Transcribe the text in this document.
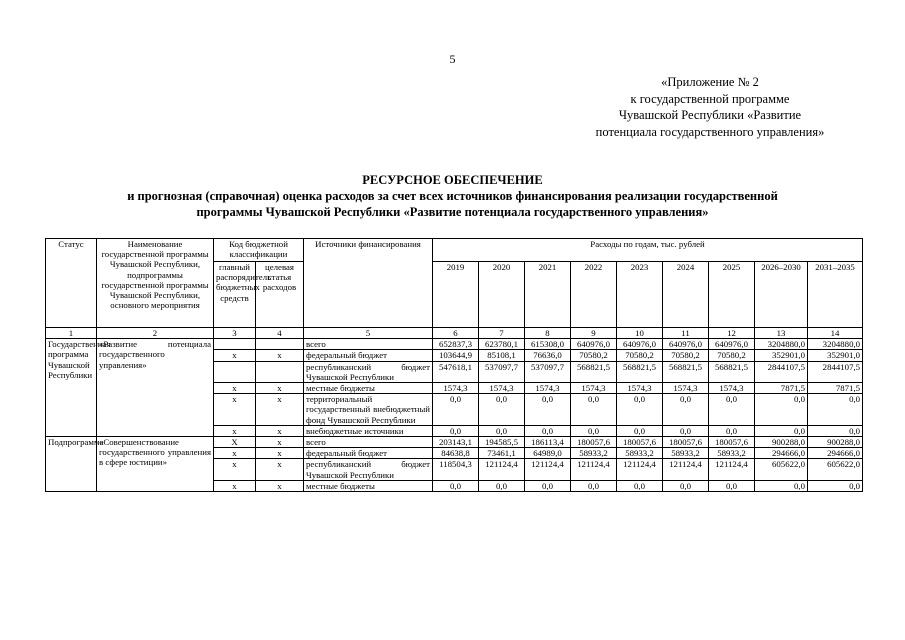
5
«Приложение № 2
к государственной программе
Чувашской Республики «Развитие
потенциала государственного управления»
РЕСУРСНОЕ ОБЕСПЕЧЕНИЕ
и прогнозная (справочная) оценка расходов за счет всех источников финансирования реализации государственной
программы Чувашской Республики «Развитие потенциала государственного управления»
Статус	Наименование государственной программы Чувашской Республики, подпрограммы государственной программы Чувашской Республики, основного мероприятия	Код бюджетной классификации		Источники финансирования	Расходы по годам, тыс. рублей								
		главный распорядитель бюджетных средств	целевая статья расходов		2019	2020	2021	2022	2023	2024	2025	2026–2030	2031–2035

1	2	3	4	5	6	7	8	9	10	11	12	13	14
Государственная программа Чувашской Республики	«Развитие потенциала государственного управления»			всего	652837,3	623780,1	615308,0	640976,0	640976,0	640976,0	640976,0	3204880,0	3204880,0
		x	x	федеральный бюджет	103644,9	85108,1	76636,0	70580,2	70580,2	70580,2	70580,2	352901,0	352901,0
				республиканский бюджет Чувашской Республики	547618,1	537097,7	537097,7	568821,5	568821,5	568821,5	568821,5	2844107,5	2844107,5
		x	x	местные бюджеты	1574,3	1574,3	1574,3	1574,3	1574,3	1574,3	1574,3	7871,5	7871,5
		x	x	территориальный государственный внебюджетный фонд Чувашской Республики	0,0	0,0	0,0	0,0	0,0	0,0	0,0	0,0	0,0
		x	x	внебюджетные источники	0,0	0,0	0,0	0,0	0,0	0,0	0,0	0,0	0,0
Подпрограмма	«Совершенствование государственного управления в сфере юстиции»	X	x	всего	203143,1	194585,5	186113,4	180057,6	180057,6	180057,6	180057,6	900288,0	900288,0
		x	x	федеральный бюджет	84638,8	73461,1	64989,0	58933,2	58933,2	58933,2	58933,2	294666,0	294666,0
		x	x	республиканский бюджет Чувашской Республики	118504,3	121124,4	121124,4	121124,4	121124,4	121124,4	121124,4	605622,0	605622,0
		x	x	местные бюджеты	0,0	0,0	0,0	0,0	0,0	0,0	0,0	0,0	0,0
